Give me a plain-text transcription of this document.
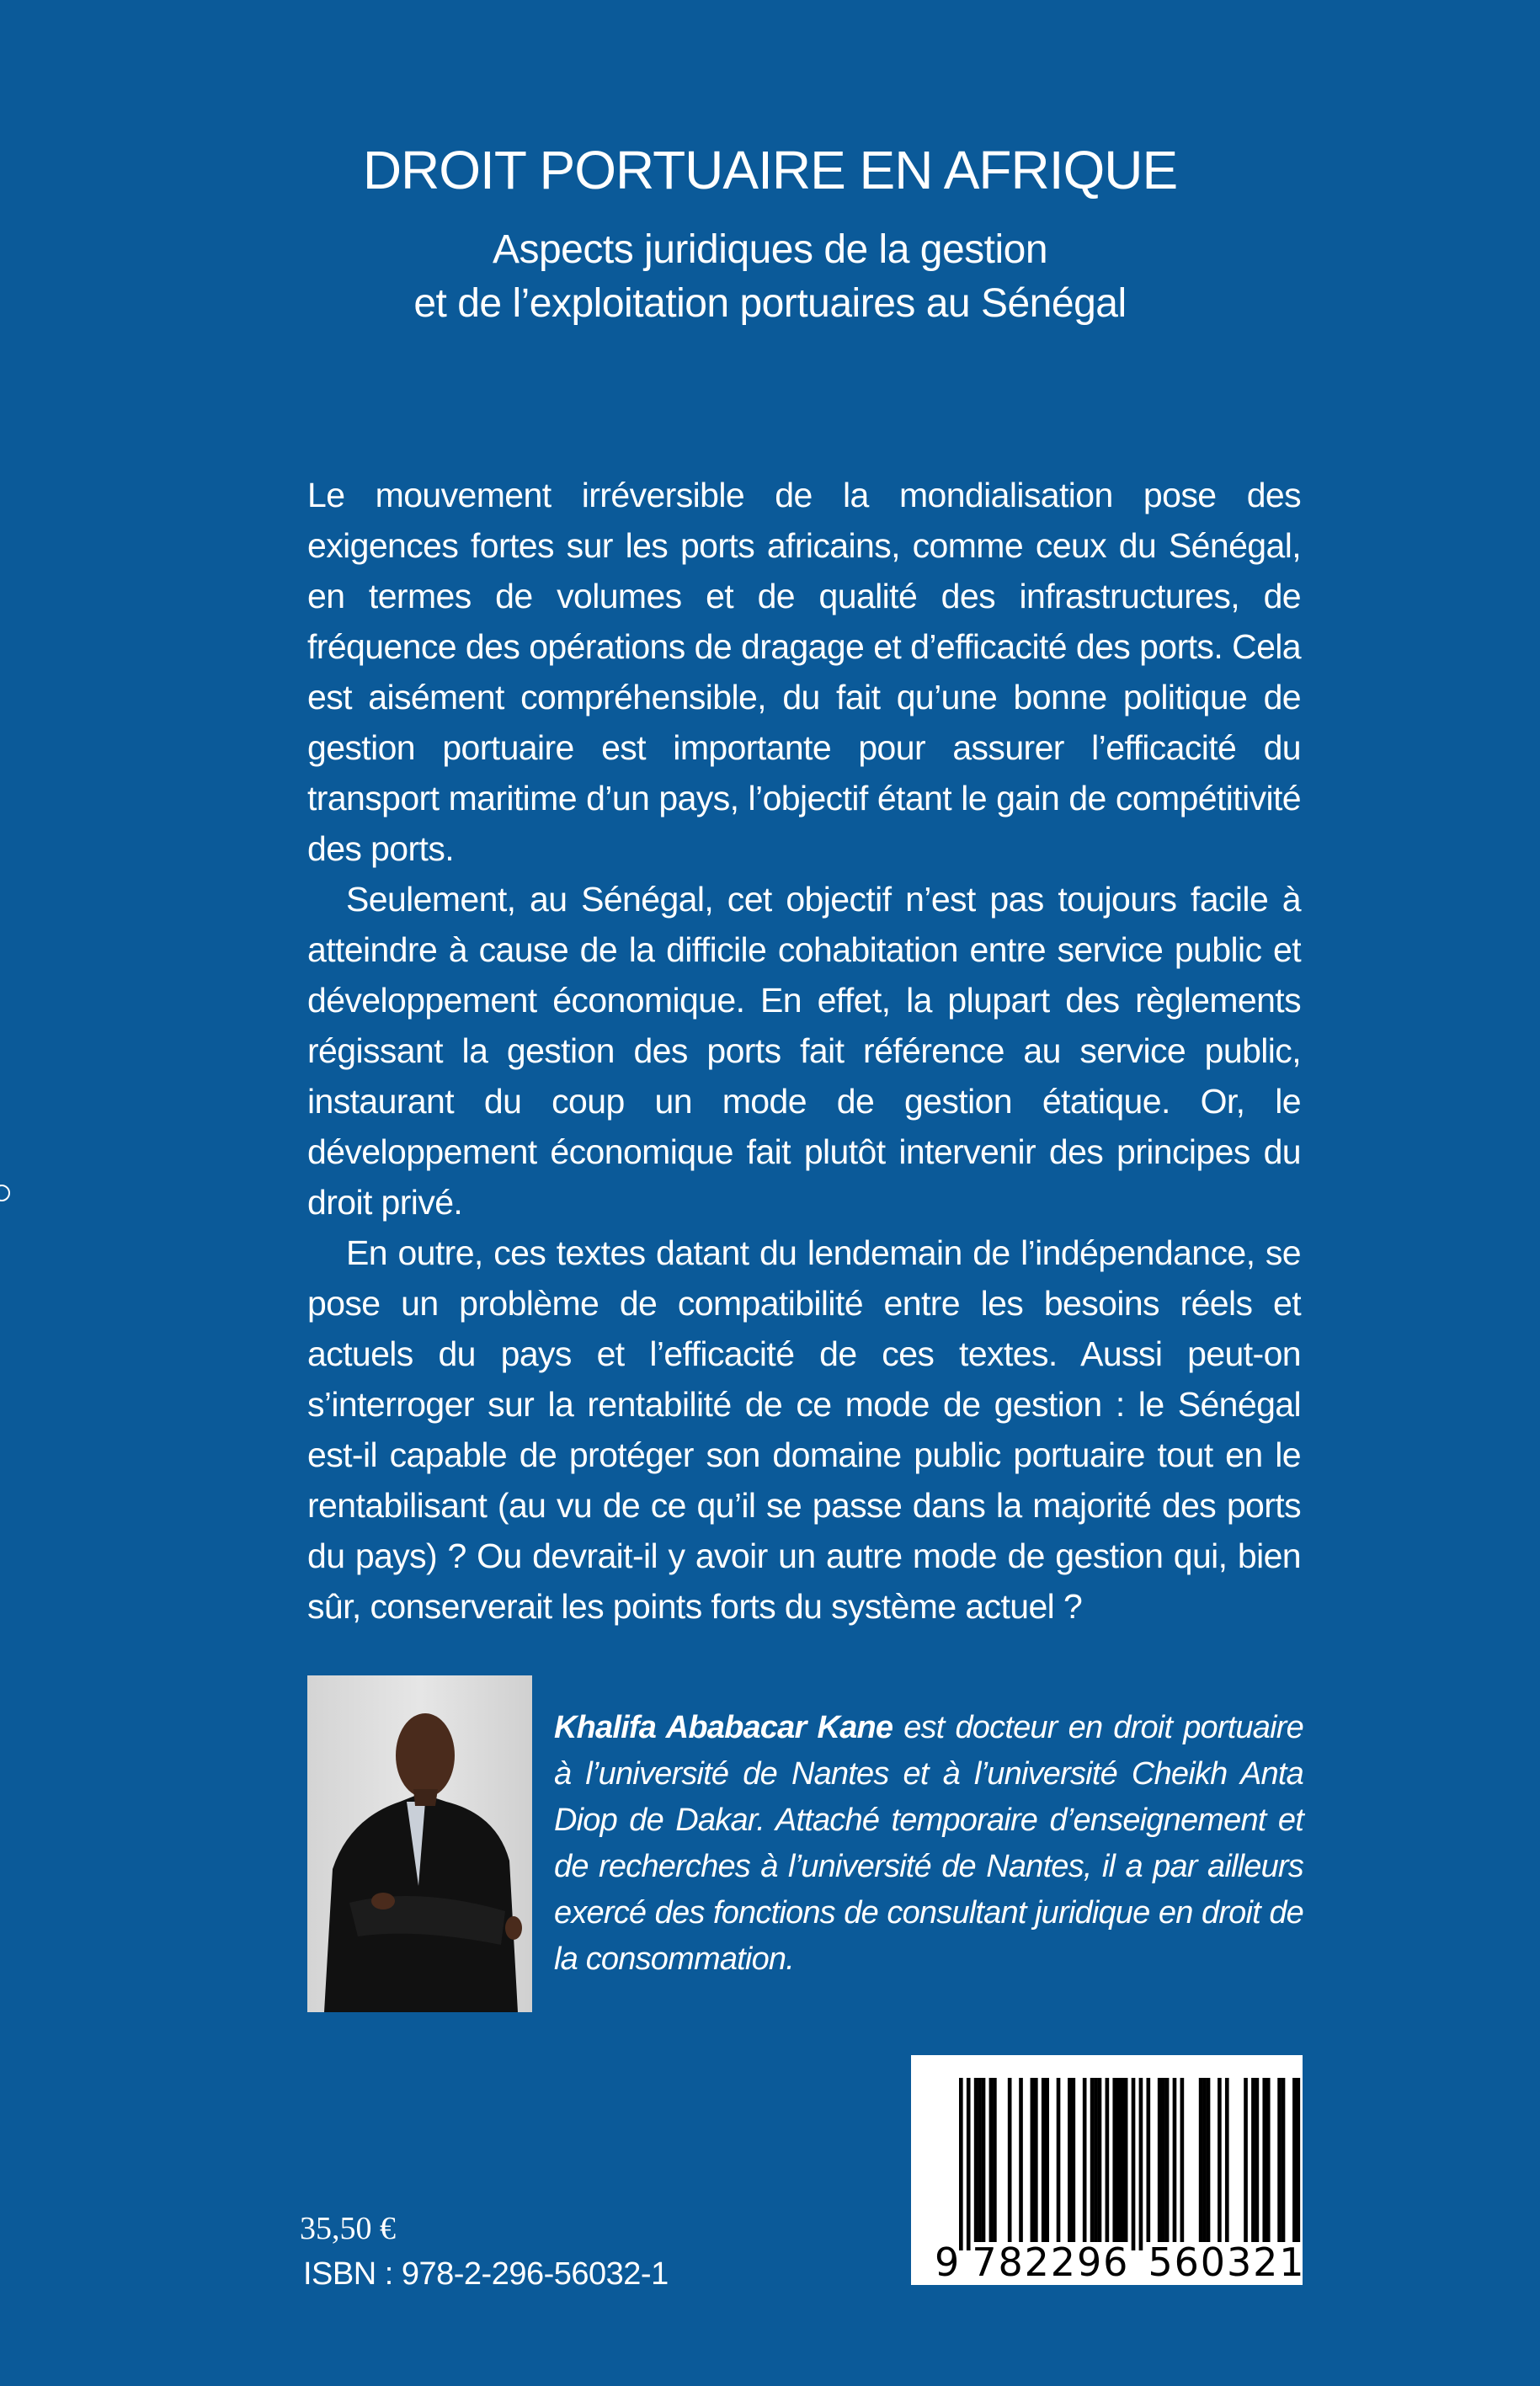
DROIT PORTUAIRE EN AFRIQUE
Aspects juridiques de la gestion
et de l’exploitation portuaires au Sénégal

Le mouvement irréversible de la mondialisation pose des exigences fortes sur les ports africains, comme ceux du Sénégal, en termes de volumes et de qualité des infrastructures, de fréquence des opérations de dragage et d’efficacité des ports. Cela est aisément compréhensible, du fait qu’une bonne politique de gestion portuaire est importante pour assurer l’efficacité du transport maritime d’un pays, l’objectif étant le gain de compétitivité des ports.

Seulement, au Sénégal, cet objectif n’est pas toujours facile à atteindre à cause de la difficile cohabitation entre service public et développement économique. En effet, la plupart des règlements régissant la gestion des ports fait référence au service public, instaurant du coup un mode de gestion étatique. Or, le développement économique fait plutôt intervenir des principes du droit privé.

En outre, ces textes datant du lendemain de l’indépendance, se pose un problème de compatibilité entre les besoins réels et actuels du pays et l’efficacité de ces textes. Aussi peut-on s’interroger sur la rentabilité de ce mode de gestion : le Sénégal est-il capable de protéger son domaine public portuaire tout en le rentabilisant (au vu de ce qu’il se passe dans la majorité des ports du pays) ? Ou devrait-il y avoir un autre mode de gestion qui, bien sûr, conserverait les points forts du système actuel ?

Khalifa Ababacar Kane est docteur en droit portuaire à l’université de Nantes et à l’université Cheikh Anta Diop de Dakar. Attaché temporaire d’enseignement et de recherches à l’université de Nantes, il a par ailleurs exercé des fonctions de consultant juridique en droit de la consommation.
9 7 8 2 2 9 6 5 6 0 3 2 1
35,50 €
ISBN : 978-2-296-56032-1
